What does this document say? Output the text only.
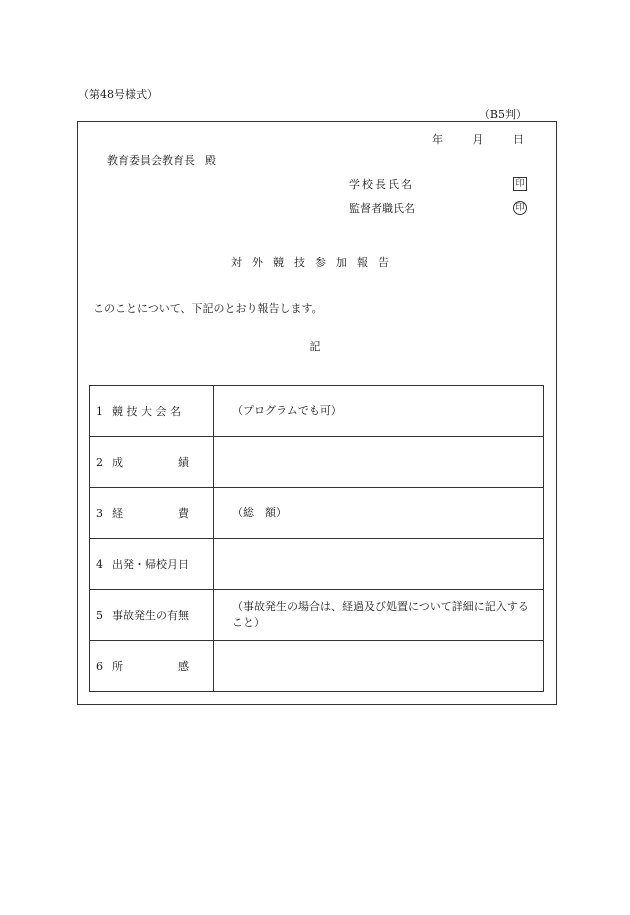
（第48号様式）
（B5判）
年	月	日
教育委員会教育長 殿
学校長氏名	印
監督者職氏名	印
対外競技参加報告
このことについて、下記のとおり報告します。
記
1 競 技 大 会 名	（プログラムでも可）
2 成　　　　　績	
3 経　　　　　費	（総　額）
4 出発・帰校月日	
5 事故発生の有無	（事故発生の場合は、経過及び処置について詳細に記入すること）
6 所　　　　　感	
